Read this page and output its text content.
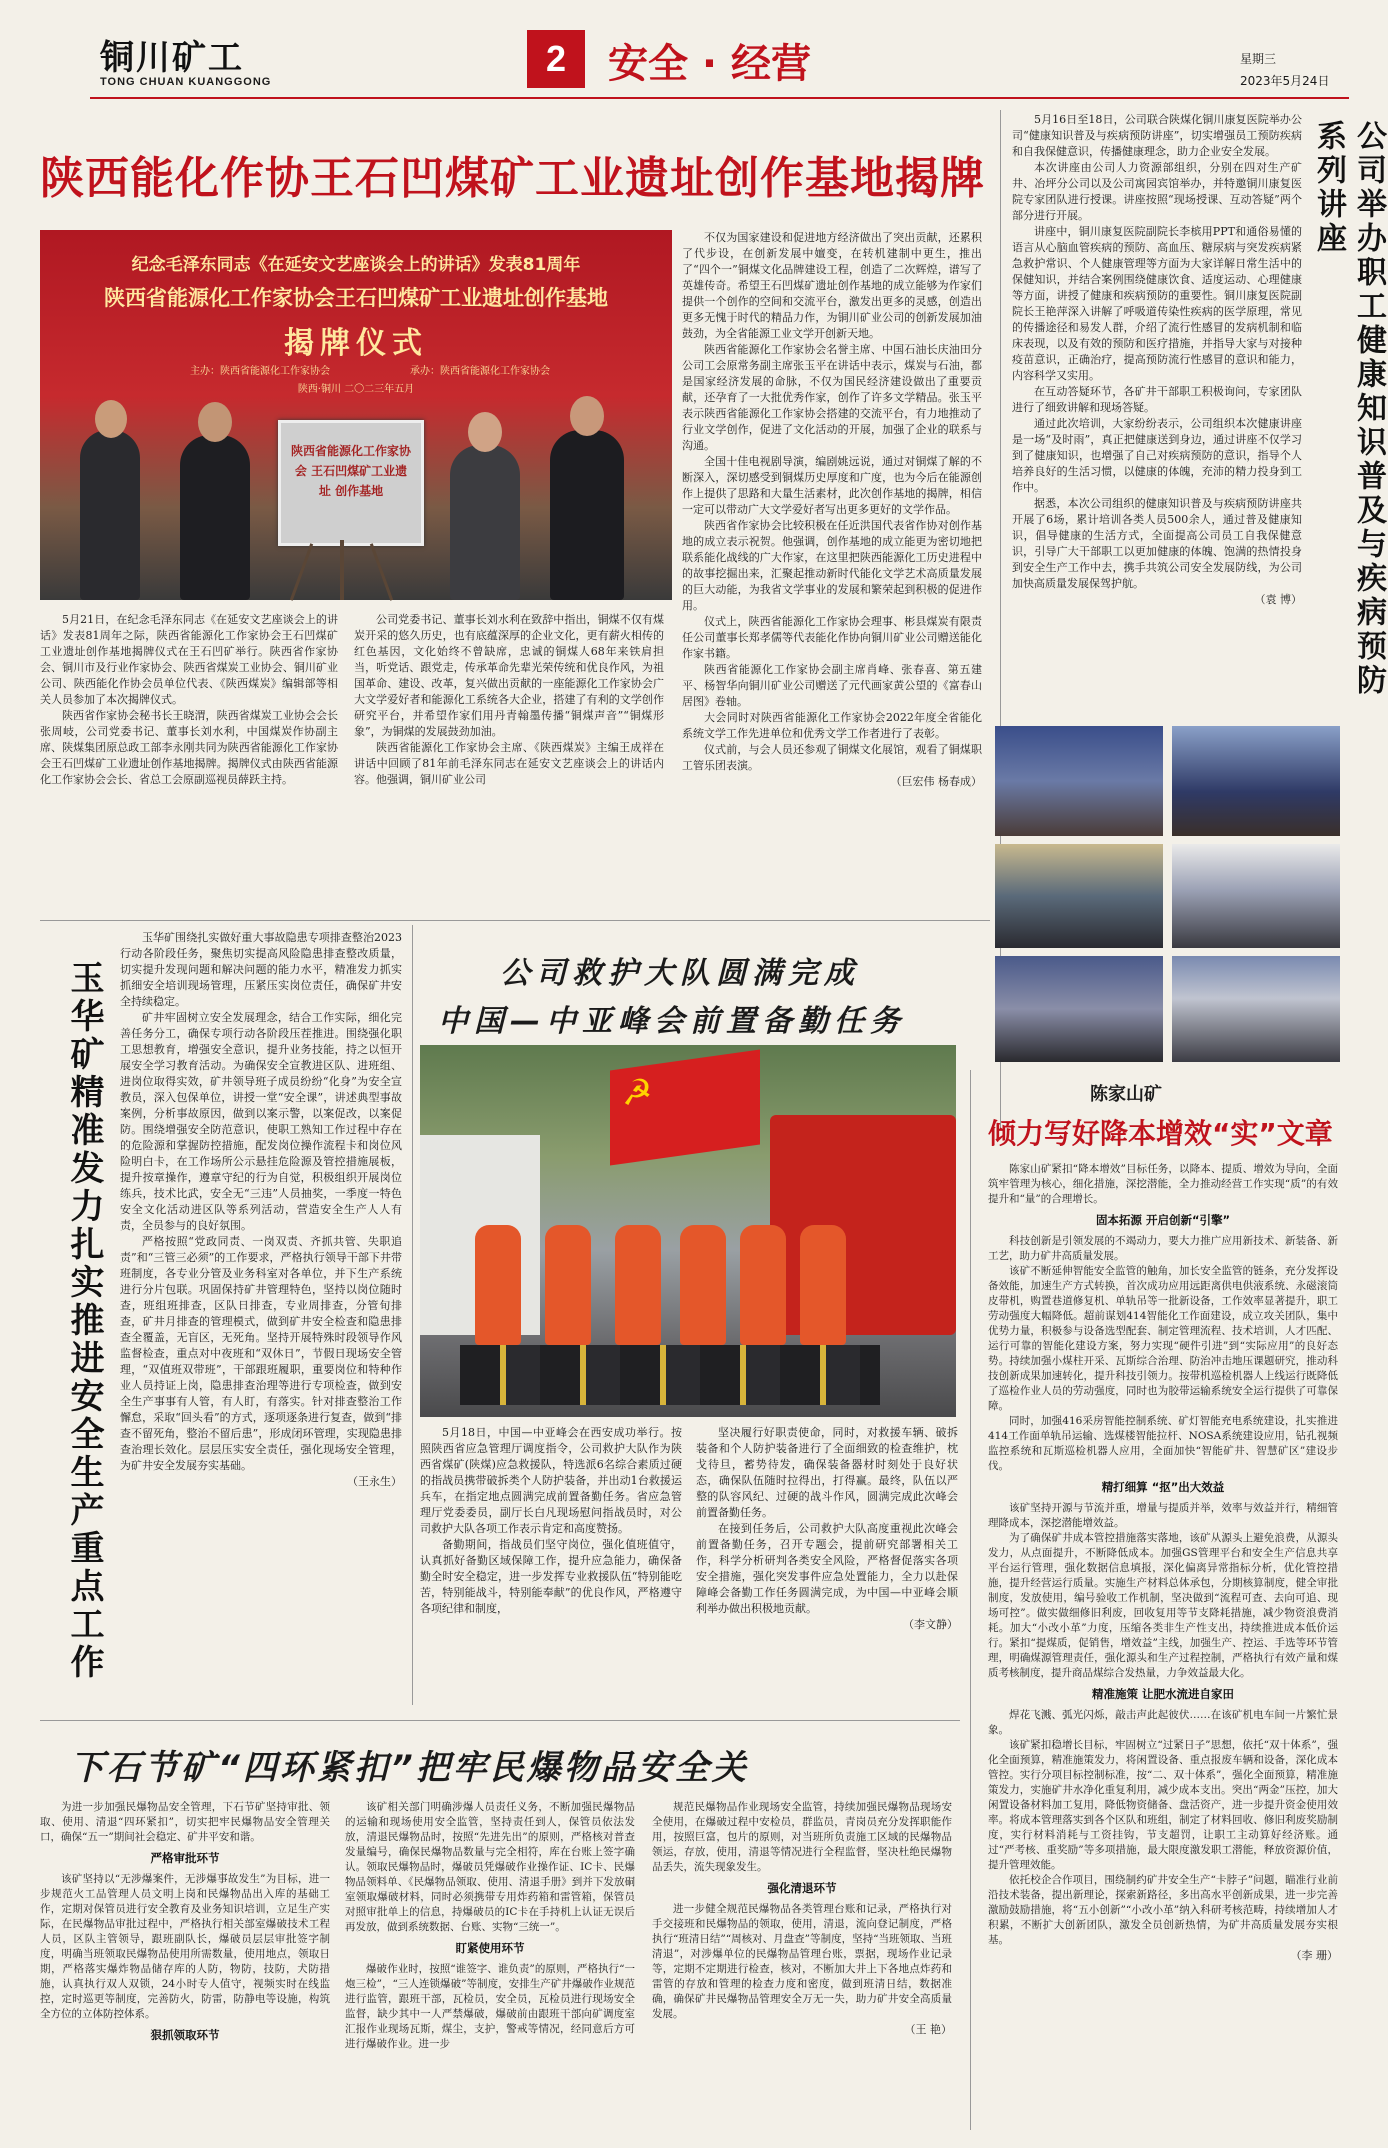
铜川矿工
TONG CHUAN KUANGGONG
2	安全 · 经营	星期三
2023年5月24日
陕西能化作协王石凹煤矿工业遗址创作基地揭牌
纪念毛泽东同志《在延安文艺座谈会上的讲话》发表81周年
陕西省能源化工作家协会王石凹煤矿工业遗址创作基地
揭牌仪式
主办：陕西省能源化工作家协会	承办：陕西省能源化工作家协会
陕西·铜川 二〇二三年五月
陕西省能源化工作家协会 王石凹煤矿工业遗址 创作基地

5月21日，在纪念毛泽东同志《在延安文艺座谈会上的讲话》发表81周年之际，陕西省能源化工作家协会王石凹煤矿工业遗址创作基地揭牌仪式在王石凹矿举行。陕西省作家协会、铜川市及行业作家协会、陕西省煤炭工业协会、铜川矿业公司、陕西能化作协会员单位代表、《陕西煤炭》编辑部等相关人员参加了本次揭牌仪式。

陕西省作家协会秘书长王晓渭，陕西省煤炭工业协会会长张周岐，公司党委书记、董事长刘水利，中国煤炭作协副主席、陕煤集团原总政工部李永刚共同为陕西省能源化工作家协会王石凹煤矿工业遗址创作基地揭牌。揭牌仪式由陕西省能源化工作家协会会长、省总工会原副巡视员薛跃主持。

公司党委书记、董事长刘水利在致辞中指出，铜煤不仅有煤炭开采的悠久历史，也有底蕴深厚的企业文化，更有薪火相传的红色基因，文化始终不曾缺席，忠诚的铜煤人68年来铁肩担当，听党话、跟党走，传承革命先辈光荣传统和优良作风，为祖国革命、建设、改革，复兴做出贡献的一座能源化工作家协会广大文学爱好者和能源化工系统各大企业，搭建了有利的文学创作研究平台，并希望作家们用丹青翰墨传播“铜煤声音”“铜煤形象”，为铜煤的发展鼓劲加油。

陕西省能源化工作家协会主席、《陕西煤炭》主编王成祥在讲话中回顾了81年前毛泽东同志在延安文艺座谈会上的讲话内容。他强调，铜川矿业公司

不仅为国家建设和促进地方经济做出了突出贡献，还累积了代步设，在创新发展中嬗变，在转机建制中更生，推出了“四个一”铜煤文化品牌建设工程，创造了二次辉煌，谱写了英雄传奇。希望王石凹煤矿遗址创作基地的成立能够为作家们提供一个创作的空间和交流平台，激发出更多的灵感，创造出更多无愧于时代的精品力作，为铜川矿业公司的创新发展加油鼓劲，为全省能源工业文学开创新天地。

陕西省能源化工作家协会名誉主席、中国石油长庆油田分公司工会原常务副主席张玉平在讲话中表示，煤炭与石油，都是国家经济发展的命脉，不仅为国民经济建设做出了重要贡献，还孕育了一大批优秀作家，创作了许多文学精品。张玉平表示陕西省能源化工作家协会搭建的交流平台，有力地推动了行业文学创作，促进了文化活动的开展，加强了企业的联系与沟通。

全国十佳电视剧导演，编剧姚远说，通过对铜煤了解的不断深入，深切感受到铜煤历史厚度和广度，也为今后在能源创作上提供了思路和大量生活素材，此次创作基地的揭牌，相信一定可以带动广大文学爱好者写出更多更好的文学作品。

陕西省作家协会比较积极在任近洪国代表省作协对创作基地的成立表示祝贺。他强调，创作基地的成立能更为密切地把联系能化战线的广大作家，在这里把陕西能源化工历史进程中的故事挖掘出来，汇聚起推动新时代能化文学艺术高质量发展的巨大动能，为我省文学事业的发展和繁荣起到积极的促进作用。

仪式上，陕西省能源化工作家协会理事、彬县煤炭有限责任公司董事长郑孝儒等代表能化作协向铜川矿业公司赠送能化作家书籍。

陕西省能源化工作家协会副主席肖峰、张春喜、第五建平、杨智华向铜川矿业公司赠送了元代画家黄公望的《富春山居图》卷轴。

大会同时对陕西省能源化工作家协会2022年度全省能化系统文学工作先进单位和优秀文学工作者进行了表彰。

仪式前，与会人员还参观了铜煤文化展馆，观看了铜煤职工管乐团表演。

（巨宏伟 杨春成）

5月16日至18日，公司联合陕煤化铜川康复医院举办公司“健康知识普及与疾病预防讲座”，切实增强员工预防疾病和自我保健意识，传播健康理念，助力企业安全发展。

本次讲座由公司人力资源部组织，分别在四对生产矿井、冶坪分公司以及公司寓园宾馆举办，并特邀铜川康复医院专家团队进行授课。讲座按照“现场授课、互动答疑”两个部分进行开展。

讲座中，铜川康复医院副院长李槟用PPT和通俗易懂的语言从心脑血管疾病的预防、高血压、糖尿病与突发疾病紧急救护常识、个人健康管理等方面为大家详解日常生活中的保健知识，并结合案例围绕健康饮食、适度运动、心理健康等方面，讲授了健康和疾病预防的重要性。铜川康复医院副院长王艳萍深入讲解了呼吸道传染性疾病的医学原理，常见的传播途径和易发人群，介绍了流行性感冒的发病机制和临床表现，以及有效的预防和医疗措施，并指导大家与对接种疫苗意识，正确治疗，提高预防流行性感冒的意识和能力，内容科学又实用。

在互动答疑环节，各矿井干部职工积极询问，专家团队进行了细致讲解和现场答疑。

通过此次培训，大家纷纷表示，公司组织本次健康讲座是一场“及时雨”，真正把健康送到身边，通过讲座不仅学习到了健康知识，也增强了自己对疾病预防的意识，指导个人培养良好的生活习惯，以健康的体魄，充沛的精力投身到工作中。

据悉，本次公司组织的健康知识普及与疾病预防讲座共开展了6场，累计培训各类人员500余人，通过普及健康知识，倡导健康的生活方式，全面提高公司员工自我保健意识，引导广大干部职工以更加健康的体魄、饱满的热情投身到安全生产工作中去，携手共筑公司安全发展防线，为公司加快高质量发展保驾护航。

（袁 博）	公司举办职工健康知识普及与疾病预防系列讲座
玉华矿精准发力扎实推进安全生产重点工作

玉华矿围绕扎实做好重大事故隐患专项排查整治2023行动各阶段任务，聚焦切实提高风险隐患排查整改质量，切实提升发现问题和解决问题的能力水平，精准发力抓实抓细安全培训现场管理，压紧压实岗位责任，确保矿井安全持续稳定。

矿井牢固树立安全发展理念，结合工作实际，细化完善任务分工，确保专项行动各阶段压茬推进。围绕强化职工思想教育，增强安全意识，提升业务技能，持之以恒开展安全学习教育活动。为确保安全宣教进区队、进班组、进岗位取得实效，矿井领导班子成员纷纷“化身”为安全宣教员，深入包保单位，讲授一堂“安全课”，讲述典型事故案例，分析事故原因，做到以案示警，以案促改，以案促防。围绕增强安全防范意识，使职工熟知工作过程中存在的危险源和掌握防控措施，配发岗位操作流程卡和岗位风险明白卡，在工作场所公示悬挂危险源及管控措施展板，提升按章操作，遵章守纪的行为自觉，积极组织开展岗位练兵，技术比武，安全无“三违”人员抽奖，一季度一特色安全文化活动进区队等系列活动，营造安全生产人人有责，全员参与的良好氛围。

严格按照“党政同责、一岗双责、齐抓共管、失职追责”和“三管三必须”的工作要求，严格执行领导干部下井带班制度，各专业分管及业务科室对各单位，并下生产系统进行分片包联。巩固保持矿井管理特色，坚持以岗位随时查，班组班排查，区队日排查，专业周排查，分管旬排查，矿井月排查的管理模式，做到矿井安全检查和隐患排查全覆盖，无盲区，无死角。坚持开展特殊时段领导作风监督检查，重点对中夜班和“双休日”，节假日现场安全管理，“双值班双带班”，干部跟班履职，重要岗位和特种作业人员持证上岗，隐患排查治理等进行专项检查，做到安全生产事事有人管，有人盯，有落实。针对排查整治工作懈怠，采取“回头看”的方式，逐项逐条进行复查，做到“排查不留死角，整治不留后患”，形成闭环管理，实现隐患排查治理长效化。层层压实安全责任，强化现场安全管理，为矿井安全发展夯实基础。

（王永生）
公司救护大队圆满完成
中国—中亚峰会前置备勤任务
☭

5月18日，中国—中亚峰会在西安成功举行。按照陕西省应急管理厅调度指令，公司救护大队作为陕西省煤矿(陕煤)应急救援队，特选派6名综合素质过硬的指战员携带破拆类个人防护装备，并出动1台救援运兵车，在指定地点圆满完成前置备勤任务。省应急管理厅党委委员，副厅长白凡现场慰问指战员时，对公司救护大队各项工作表示肯定和高度赞扬。

备勤期间，指战员们坚守岗位，强化值班值守，认真抓好备勤区域保障工作，提升应急能力，确保备勤全时安全稳定，进一步发挥专业救援队伍“特别能吃苦，特别能战斗，特别能奉献”的优良作风，严格遵守各项纪律和制度，

坚决履行好职责使命，同时，对救援车辆、破拆装备和个人防护装备进行了全面细致的检查维护，枕戈待旦，蓄势待发，确保装备器材时刻处于良好状态，确保队伍随时拉得出，打得赢。最终，队伍以严整的队容风纪、过硬的战斗作风，圆满完成此次峰会前置备勤任务。

在接到任务后，公司救护大队高度重视此次峰会前置备勤任务，召开专题会，提前研究部署相关工作，科学分析研判各类安全风险，严格督促落实各项安全措施，强化突发事件应急处置能力，全力以赴保障峰会备勤工作任务圆满完成，为中国—中亚峰会顺利举办做出积极地贡献。

（李文静）
陈家山矿
倾力写好降本增效“实”文章

陈家山矿紧扣“降本增效”目标任务，以降本、提质、增效为导向，全面筑牢管理为核心，细化措施，深挖潜能，全力推动经营工作实现“质”的有效提升和“量”的合理增长。

固本拓源 开启创新“引擎”

科技创新是引领发展的不竭动力，要大力推广应用新技术、新装备、新工艺，助力矿井高质量发展。

该矿不断延伸智能安全监管的触角，加长安全监管的链条，充分发挥设备效能，加速生产方式转换，首次成功应用远距离供电供液系统、永磁滚筒皮带机，购置巷道修复机、单轨吊等一批新设备，工作效率显著提升，职工劳动强度大幅降低。超前谋划414智能化工作面建设，成立攻关团队，集中优势力量，积极参与设备选型配套、制定管理流程、技术培训，人才匹配、运行可靠的智能化建设方案，努力实现“硬件引进”到“实际应用”的良好态势。持续加强小煤柱开采、瓦斯综合治理、防治冲击地压课题研究，推动科技创新成果加速转化，提升科技引领力。按带机巡检机器人上线运行既降低了巡检作业人员的劳动强度，同时也为胶带运输系统安全运行提供了可靠保障。

同时，加强416采房智能控制系统、矿灯智能充电系统建设，扎实推进414工作面单轨吊运输、选煤楼智能拉杆、NOSA系统建设应用，钻孔视频监控系统和瓦斯巡检机器人应用，全面加快“智能矿井、智慧矿区”建设步伐。

精打细算 “抠”出大效益

该矿坚持开源与节流并重，增量与提质并举，效率与效益并行，精细管理降成本，深挖潜能增效益。

为了确保矿井成本管控措施落实落地，该矿从源头上避免浪费，从源头发力，从点面提升，不断降低成本。加强GS管理平台和安全生产信息共享平台运行管理，强化数据信息填报，深化偏离异常指标分析，优化管控措施，提升经营运行质量。实施生产材料总体承包，分期核算制度，健全审批制度，发放使用，编号验收工作机制，坚决做到“流程可查、去向可追、现场可控”。做实做细修旧利废，回收复用等节支降耗措施，减少物资浪费消耗。加大“小改小革”力度，压缩各类非生产性支出，持续推进成本低价运行。紧扣“提煤质，促销售，增效益”主线，加强生产、控运、手选等环节管理，明确煤源管理责任，强化源头和生产过程控制，严格执行有效产量和煤质考核制度，提升商品煤综合发热量，力争效益最大化。

精准施策 让肥水流进自家田

焊花飞溅、弧光闪烁，敲击声此起彼伏……在该矿机电车间一片繁忙景象。

该矿紧扣稳增长目标，牢固树立“过紧日子”思想，依托“双十体系”，强化全面预算，精准施策发力，将闲置设备、重点报废车辆和设备，深化成本管控。实行分项目标控制标准，按“二、双十体系”，强化全面预算，精准施策发力，实施矿井水净化重复利用，减少成本支出。突出“两金”压控，加大闲置设备材料加工复用，降低物资储备、盘活资产，进一步提升资金使用效率。将成本管理落实到各个区队和班组，制定了材料回收、修旧利废奖励制度，实行材料消耗与工资挂钩，节支超罚，让职工主动算好经济账。通过“严考核、重奖励”等多项措施，最大限度激发职工潜能，释放资源价值，提升管理效能。

依托校企合作项目，围绕制约矿井安全生产“卡脖子”问题，瞄准行业前沿技术装备，提出新理论，探索新路径，多出高水平创新成果，进一步完善激励鼓励措施，将“五小创新”“小改小革”纳入科研考核范畴，持续增加人才积累，不断扩大创新团队，激发全员创新热情，为矿井高质量发展夯实根基。

（李 珊）
下石节矿“四环紧扣”把牢民爆物品安全关

为进一步加强民爆物品安全管理，下石节矿坚持审批、领取、使用、清退“四环紧扣”，切实把牢民爆物品安全管理关口，确保“五一”期间社会稳定、矿井平安和谐。

严格审批环节

该矿坚持以“无涉爆案件，无涉爆事故发生”为目标，进一步规范火工品管理人员文明上岗和民爆物品出入库的基础工作，定期对保管员进行安全教育及业务知识培训，立足生产实际，在民爆物品审批过程中，严格执行相关部室爆破技术工程人员，区队主管领导，跟班副队长，爆破员层层审批签字制度，明确当班领取民爆物品使用所需数量，使用地点，领取日期，严格落实爆炸物品储存库的人防，物防，技防，犬防措施，认真执行双人双锁，24小时专人值守，视频实时在线监控，定时巡更等制度，完善防火，防雷，防静电等设施，构筑全方位的立体防控体系。

狠抓领取环节

该矿相关部门明确涉爆人员责任义务，不断加强民爆物品的运输和现场使用安全监管，坚持责任到人，保管员依法发放，清退民爆物品时，按照“先进先出”的原则，严格核对普查发量编号，确保民爆物品数量与完全相符，库在台账上签字确认。领取民爆物品时，爆破员凭爆破作业操作证、IC卡、民爆物品领料单、《民爆物品领取、使用、清退手册》到并下发放硐室领取爆破材料，同时必须携带专用炸药箱和雷管箱，保管员对照审批单上的信息，持爆破员的IC卡在手持机上认证无误后再发放，做到系统数据、台账、实物“三统一”。

盯紧使用环节

爆破作业时，按照“谁签字、谁负责”的原则，严格执行“一炮三检”，“三人连锁爆破”等制度，安排生产矿井爆破作业规范进行监管，跟班干部，瓦检员，安全员，瓦检员进行现场安全监督，缺少其中一人严禁爆破，爆破前由跟班干部向矿调度室汇报作业现场瓦斯，煤尘，支护，警戒等情况，经同意后方可进行爆破作业。进一步

规范民爆物品作业现场安全监管，持续加强民爆物品现场安全使用，在爆破过程中安检员，群监员，青岗员充分发挥职能作用，按照巨富，包片的原则，对当班所负责施工区域的民爆物品领运，存放，使用，清退等情况进行全程监督，坚决杜绝民爆物品丢失，流失现象发生。

强化清退环节

进一步健全规范民爆物品各类管理台账和记录，严格执行对手交接班和民爆物品的领取，使用，清退，流向登记制度，严格执行“班清日结”“周核对、月盘查”等制度，坚持“当班领取、当班清退”，对涉爆单位的民爆物品管理台账，票据，现场作业记录等，定期不定期进行检查，核对，不断加大井上下各地点炸药和雷管的存放和管理的检查力度和密度，做到班清日结，数据准确，确保矿井民爆物品管理安全万无一失，助力矿井安全高质量发展。

（王 艳）
